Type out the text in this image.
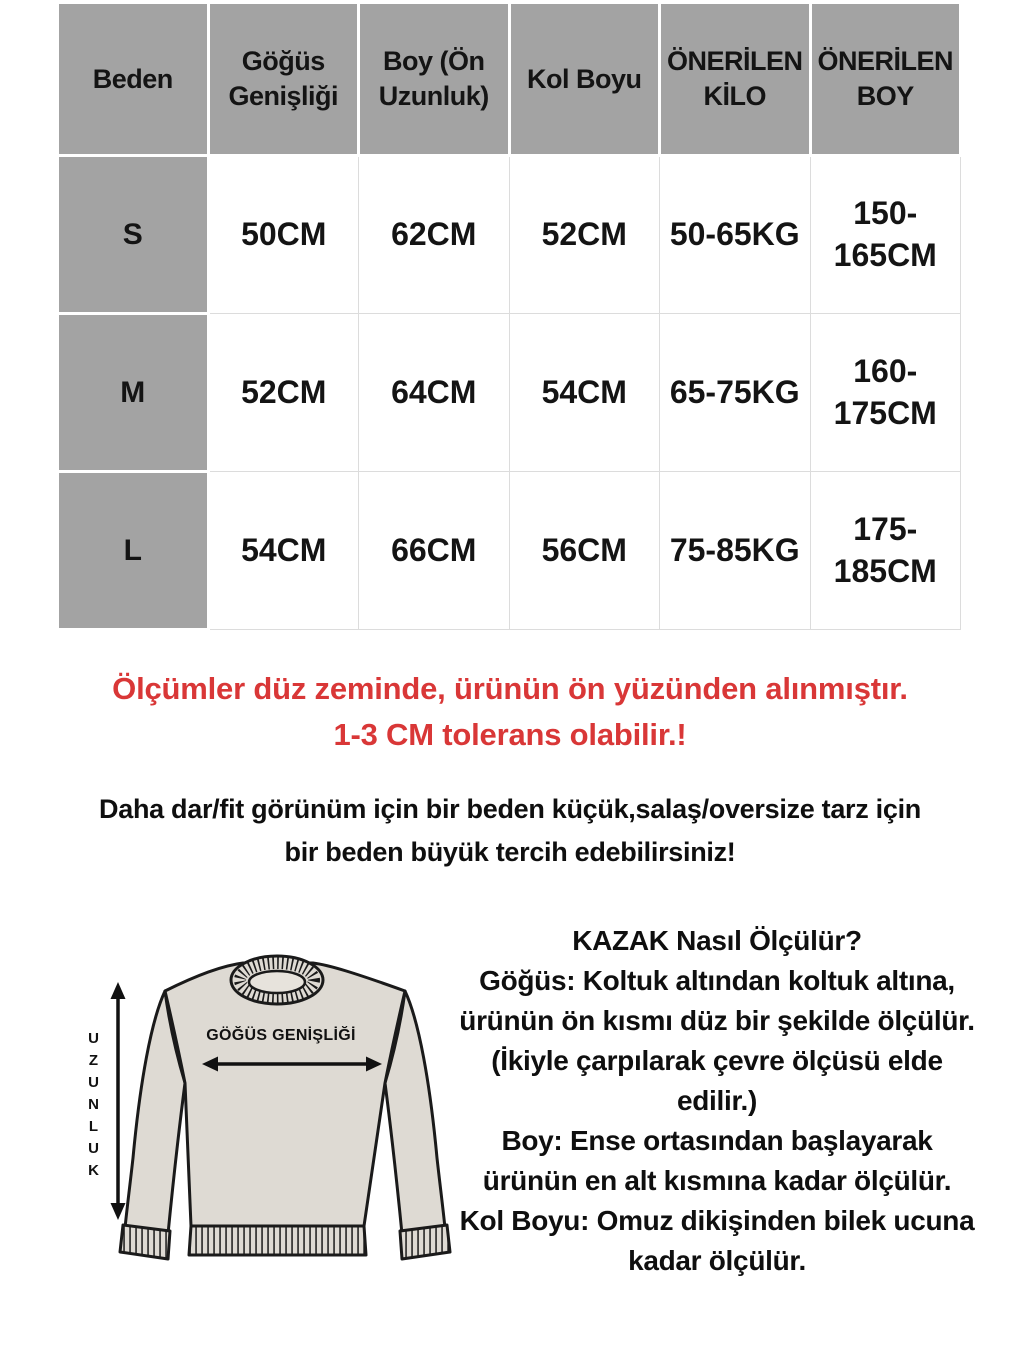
Beden	Göğüs Genişliği	Boy (Ön Uzunluk)	Kol Boyu	ÖNERİLEN KİLO	ÖNERİLEN BOY
S	50CM	62CM	52CM	50-65KG	150-165CM
M	52CM	64CM	54CM	65-75KG	160-175CM
L	54CM	66CM	56CM	75-85KG	175-185CM
Ölçümler düz zeminde, ürünün ön yüzünden alınmıştır.
1-3 CM tolerans olabilir.!
Daha dar/fit görünüm için bir beden küçük,salaş/oversize tarz için
bir beden büyük tercih edebilirsiniz!
UZUNLUK	GÖĞÜS GENİŞLİĞİ
KAZAK Nasıl Ölçülür?
Göğüs: Koltuk altından koltuk altına,
ürünün ön kısmı düz bir şekilde ölçülür.
(İkiyle çarpılarak çevre ölçüsü elde
edilir.)
Boy: Ense ortasından başlayarak
ürünün en alt kısmına kadar ölçülür.
Kol Boyu: Omuz dikişinden bilek ucuna
kadar ölçülür.
